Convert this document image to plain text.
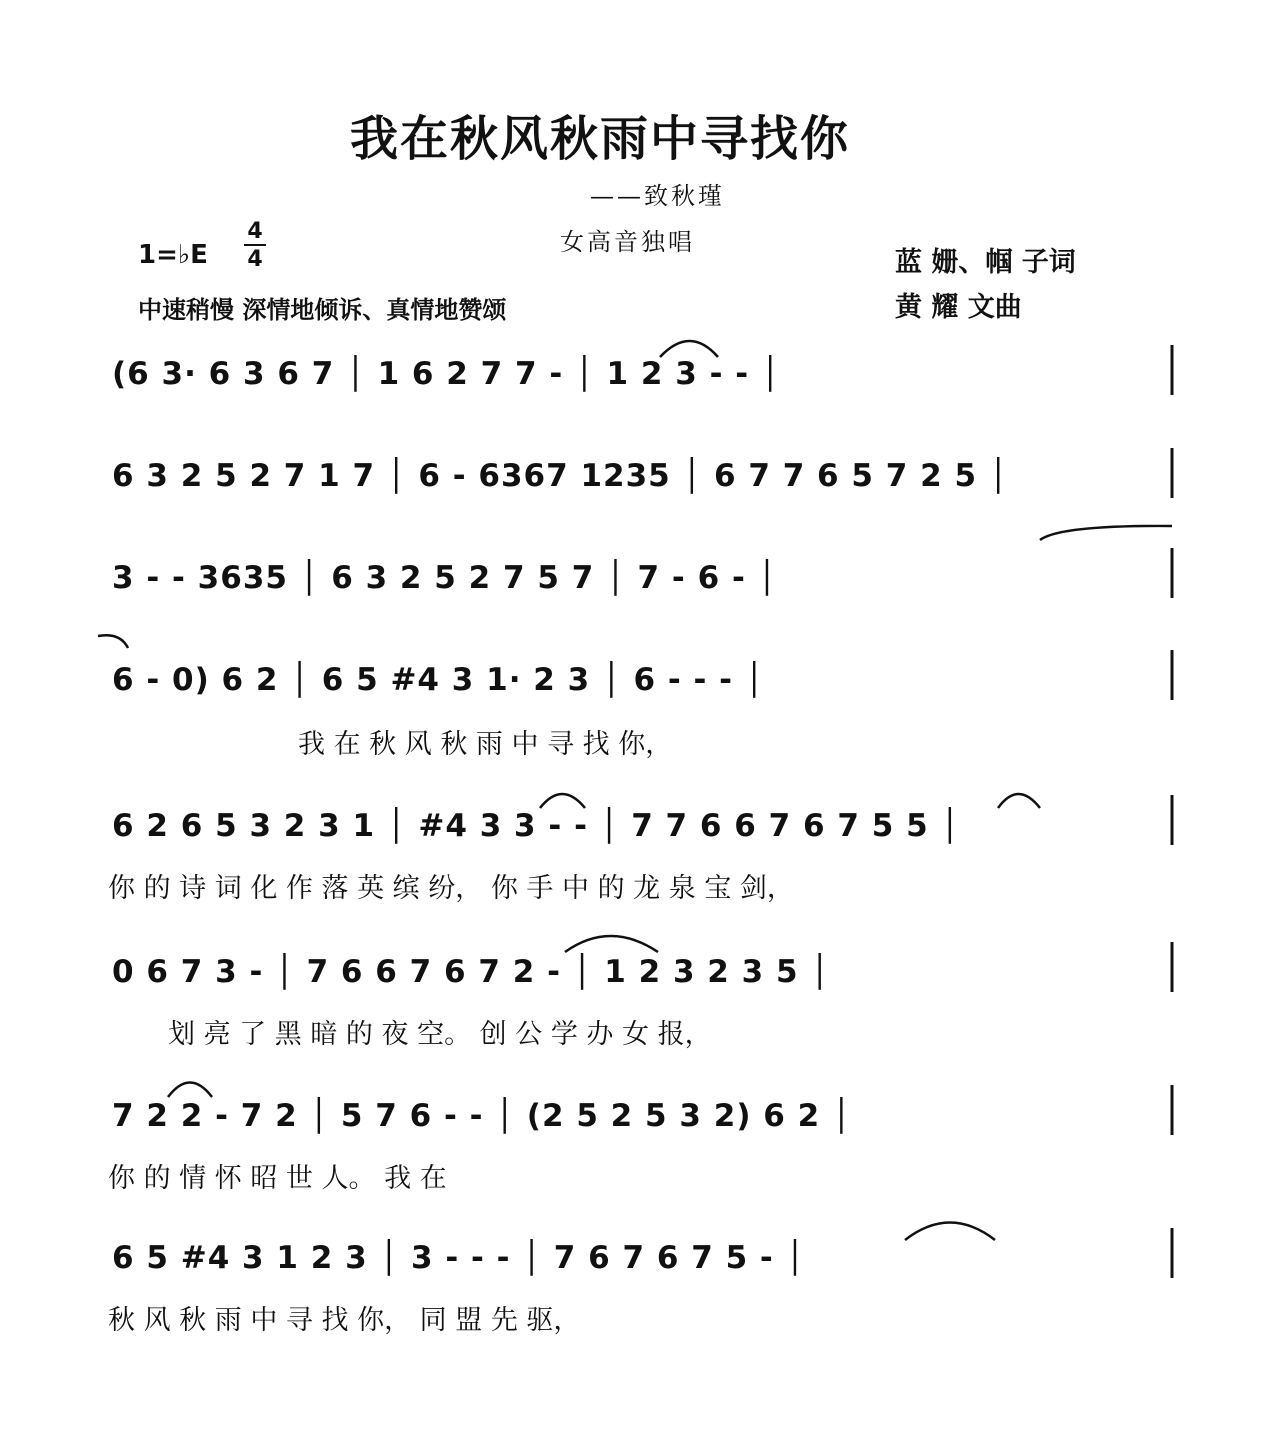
我在秋风秋雨中寻找你
——致秋瑾
女高音独唱
1=♭E
4
4	蓝 姗、帼 子词
黄 耀 文曲
中速稍慢 深情地倾诉、真情地赞颂
(6 3· 6 3 6 7 │ 1 6 2 7 7 - │ 1 2 3 - - │
6 3 2 5 2 7 1 7 │ 6 - 6367 1235 │ 6 7 7 6 5 7 2 5 │
3 - - 3635 │ 6 3 2 5 2 7 5 7 │ 7 - 6 - │
6 - 0) 6 2 │ 6 5 #4 3 1· 2 3 │ 6 - - - │
我 在 秋 风 秋 雨 中 寻 找 你，
6 2 6 5 3 2 3 1 │ #4 3 3 - - │ 7 7 6 6 7 6 7 5 5 │
你 的 诗 词 化 作 落 英 缤 纷， 你 手 中 的 龙 泉 宝 剑，
0 6 7 3 - │ 7 6 6 7 6 7 2 - │ 1 2 3 2 3 5 │
划 亮 了 黑 暗 的 夜 空。 创 公 学 办 女 报，
7 2 2 - 7 2 │ 5 7 6 - - │ (2 5 2 5 3 2) 6 2 │
你 的 情 怀 昭 世 人。 我 在
6 5 #4 3 1 2 3 │ 3 - - - │ 7 6 7 6 7 5 - │
秋 风 秋 雨 中 寻 找 你， 同 盟 先 驱，
